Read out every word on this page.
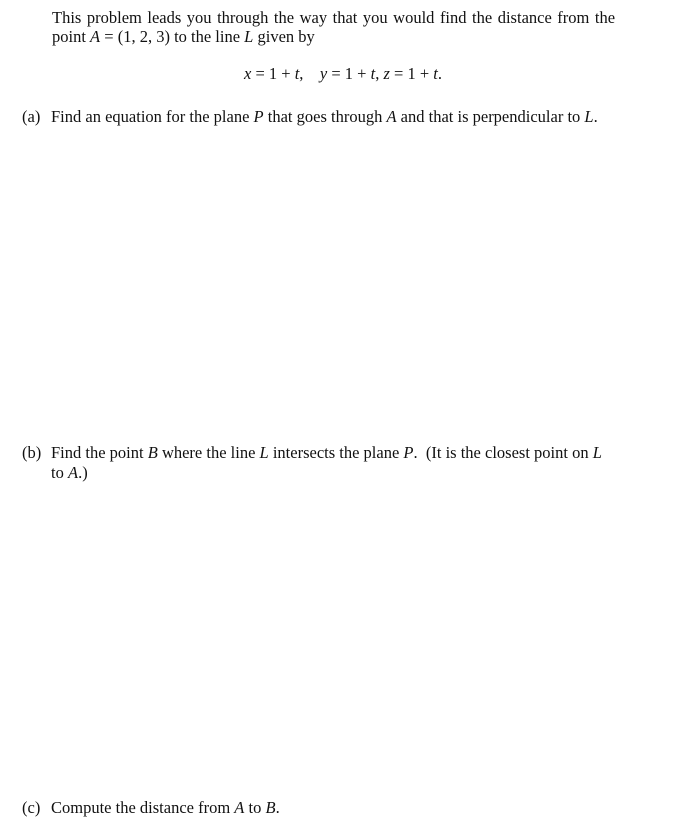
This problem leads you through the way that you would find the distance from the
point A = (1, 2, 3) to the line L given by
x = 1 + t,    y = 1 + t, z = 1 + t.
(a) Find an equation for the plane P that goes through A and that is perpendicular to L.
(b) Find the point B where the line L intersects the plane P.  (It is the closest point on L
to A.)
(c) Compute the distance from A to B.
